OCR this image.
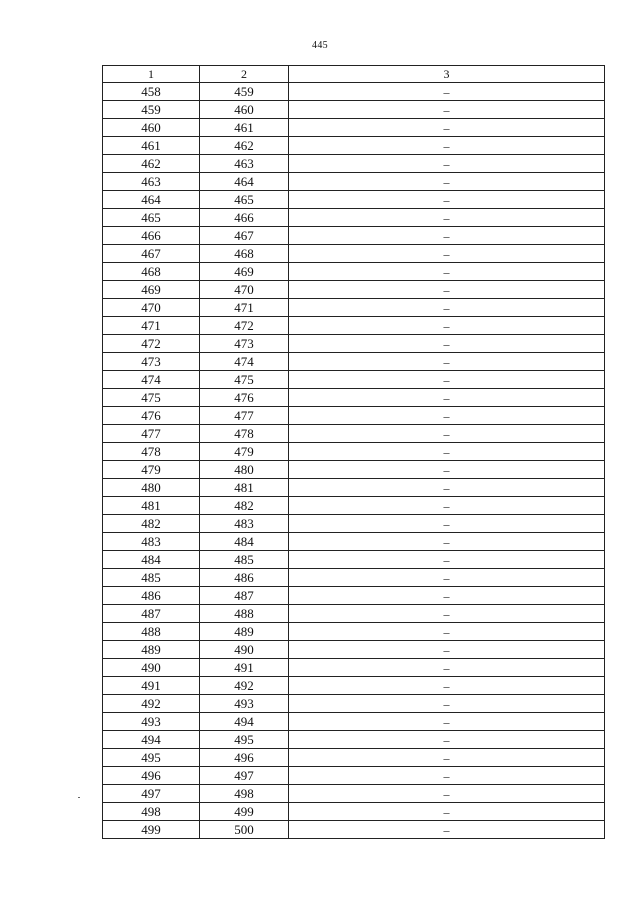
445
1	2	3
458	459	–
459	460	–
460	461	–
461	462	–
462	463	–
463	464	–
464	465	–
465	466	–
466	467	–
467	468	–
468	469	–
469	470	–
470	471	–
471	472	–
472	473	–
473	474	–
474	475	–
475	476	–
476	477	–
477	478	–
478	479	–
479	480	–
480	481	–
481	482	–
482	483	–
483	484	–
484	485	–
485	486	–
486	487	–
487	488	–
488	489	–
489	490	–
490	491	–
491	492	–
492	493	–
493	494	–
494	495	–
495	496	–
496	497	–
497	498	–
498	499	–
499	500	–
